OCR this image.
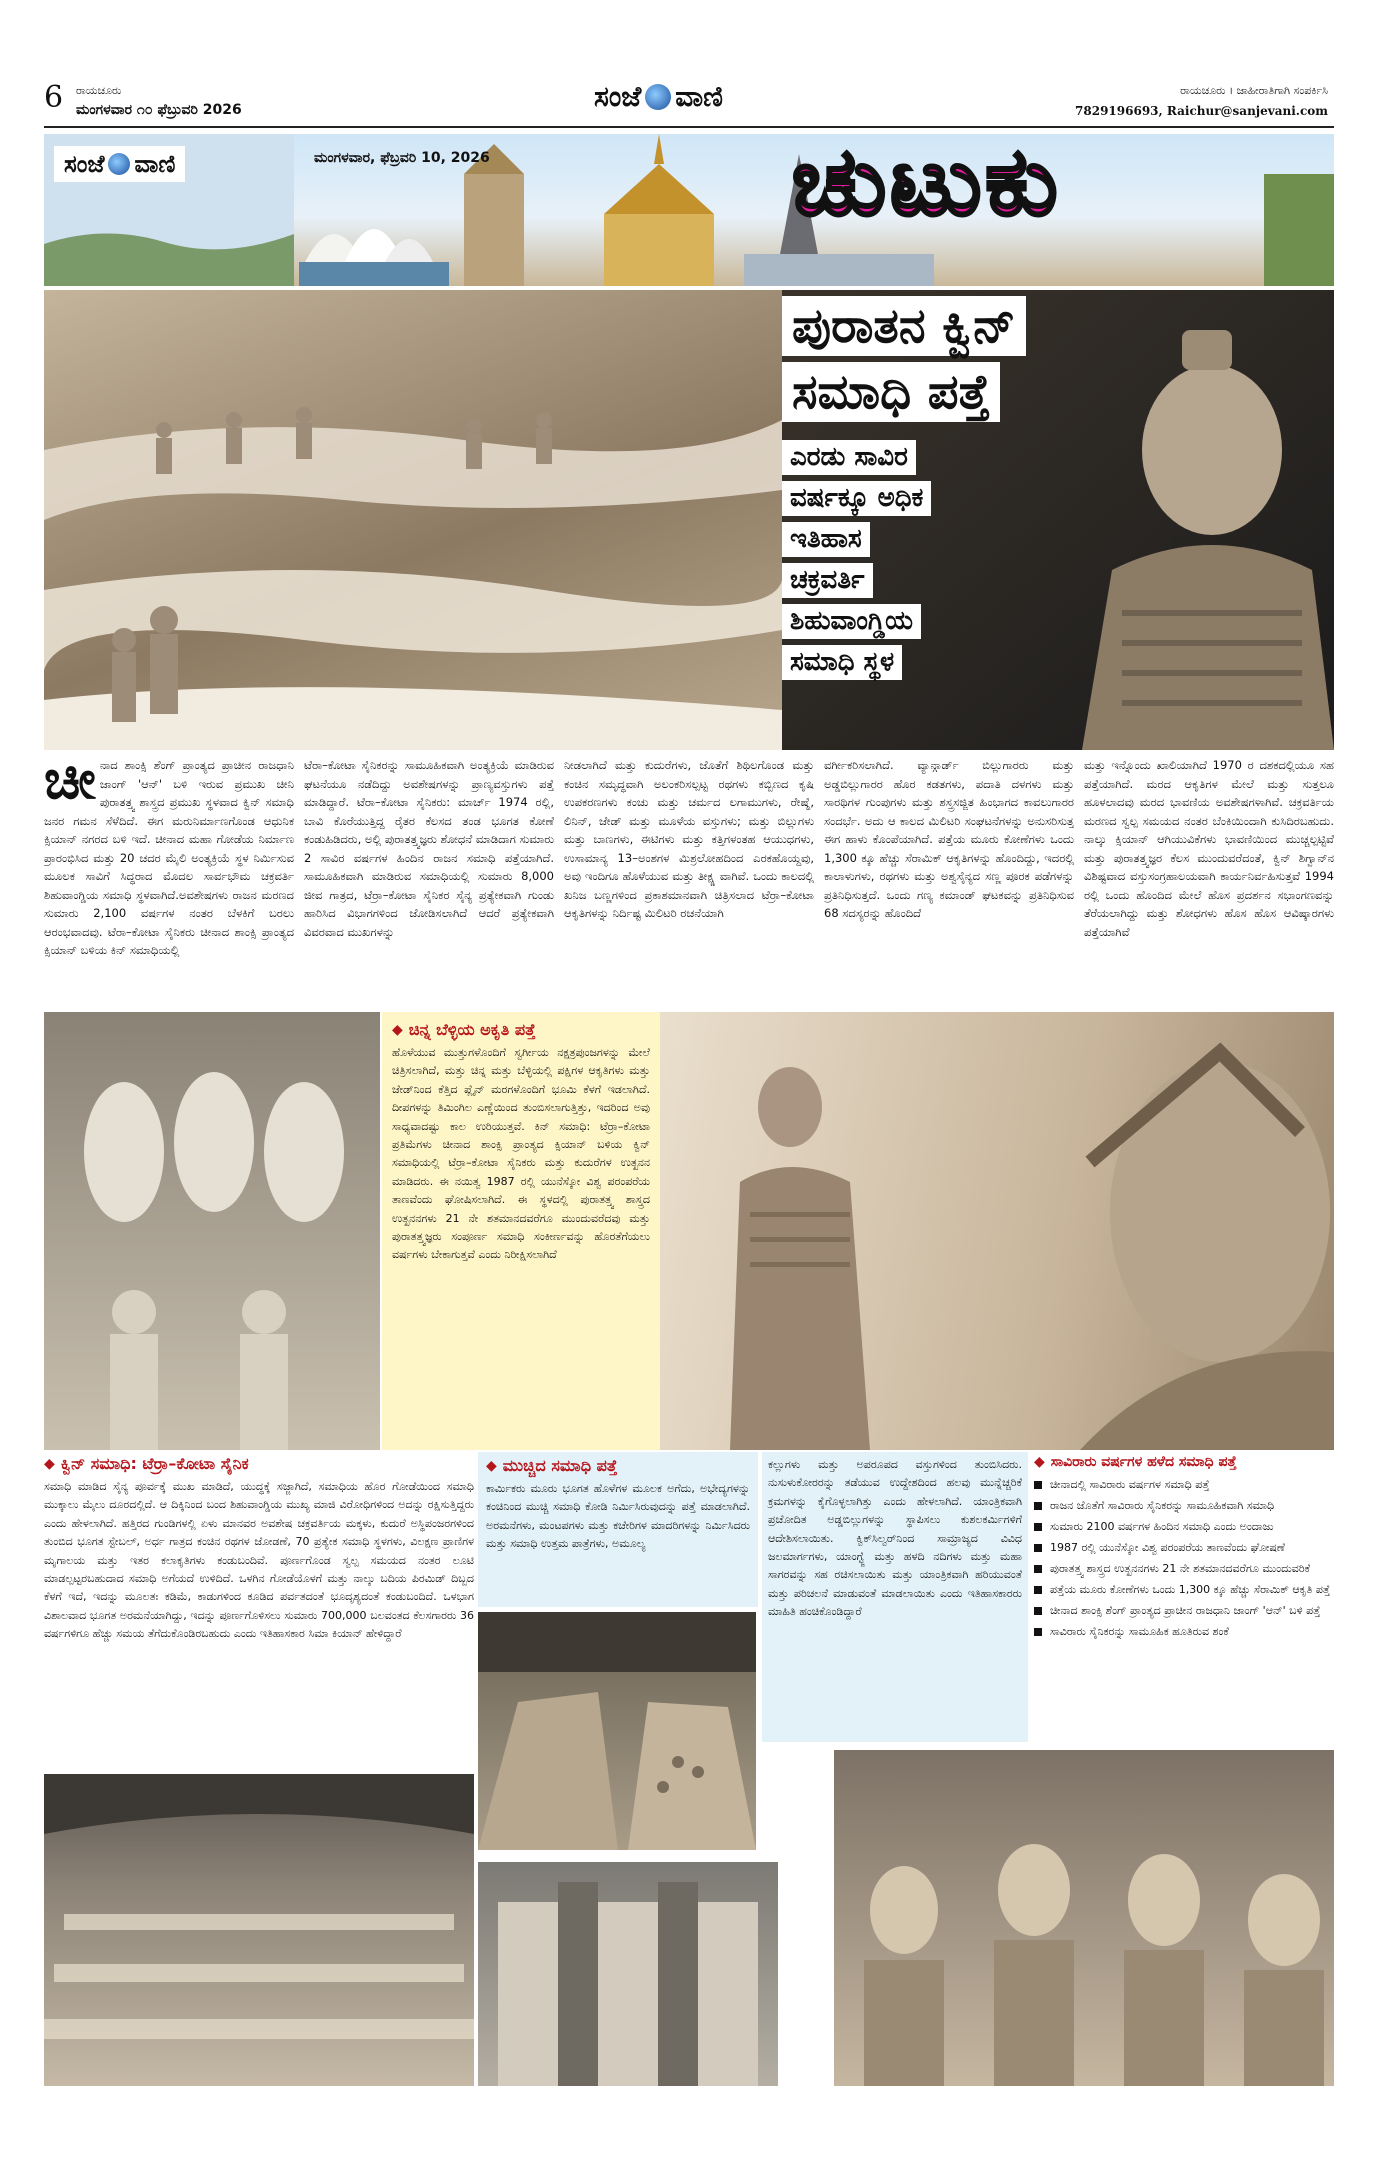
6 ರಾಯಚೂರು
ಮಂಗಳವಾರ ೧೦ ಫೆಬ್ರುವರಿ 2026	ಸಂಜೆ ವಾಣಿ	ರಾಯಚೂರು । ಜಾಹೀರಾತಿಗಾಗಿ ಸಂಪರ್ಕಿಸಿ
7829196693, Raichur@sanjevani.com
ಸಂಜೆ ವಾಣಿ	ಮಂಗಳವಾರ, ಫೆಬ್ರವರಿ 10, 2026	ಚುಟುಕು
ಪುರಾತನ ಕ್ವಿನ್
ಸಮಾಧಿ ಪತ್ತೆ
ಎರಡು ಸಾವಿರ
ವರ್ಷಕ್ಕೂ ಅಧಿಕ
ಇತಿಹಾಸ
ಚಕ್ರವರ್ತಿ
ಶಿಹುವಾಂಗ್ಡಿಯ
ಸಮಾಧಿ ಸ್ಥಳ
ಚೀನಾದ ಶಾಂಕ್ಸಿ ಶೆಂಗ್ ಪ್ರಾಂತ್ಯದ ಪ್ರಾಚೀನ ರಾಜಧಾನಿ ಜಾಂಗ್ 'ಆನ್' ಬಳಿ ಇರುವ ಪ್ರಮುಖ ಚೀನಿ ಪುರಾತತ್ತ್ವ ಶಾಸ್ತ್ರದ ಪ್ರಮುಖ ಸ್ಥಳವಾದ ಕ್ವಿನ್ ಸಮಾಧಿ ಜನರ ಗಮನ ಸೆಳೆದಿದೆ. ಈಗ ಮರುನಿರ್ಮಾಣಗೊಂಡ ಆಧುನಿಕ ಕ್ಸಿಯಾನ್ ನಗರದ ಬಳಿ ಇದೆ. ಚೀನಾದ ಮಹಾ ಗೋಡೆಯ ನಿರ್ಮಾಣ ಪ್ರಾರಂಭಿಸಿದ ಮತ್ತು 20 ಚದರ ಮೈಲಿ ಅಂತ್ಯಕ್ರಿಯೆ ಸ್ಥಳ ನಿರ್ಮಿಸುವ ಮೂಲಕ ಸಾವಿಗೆ ಸಿದ್ಧರಾದ ಮೊದಲ ಸಾರ್ವಭೌಮ ಚಕ್ರವರ್ತಿ ಶಿಹುವಾಂಗ್ಡಿಯ ಸಮಾಧಿ ಸ್ಥಳವಾಗಿದೆ.ಅವಶೇಷಗಳು ರಾಜನ ಮರಣದ ಸುಮಾರು 2,100 ವರ್ಷಗಳ ನಂತರ ಬೆಳಕಿಗೆ ಬರಲು ಆರಂಭವಾದವು. ಟೆರಾ–ಕೋಟಾ ಸೈನಿಕರು ಚೀನಾದ ಶಾಂಕ್ಸಿ ಪ್ರಾಂತ್ಯದ ಕ್ಸಿಯಾನ್ ಬಳಿಯ ಕಿನ್ ಸಮಾಧಿಯಲ್ಲಿ
ಟೆರಾ–ಕೋಟಾ ಸೈನಿಕರನ್ನು ಸಾಮೂಹಿಕವಾಗಿ ಅಂತ್ಯಕ್ರಿಯೆ ಮಾಡಿರುವ ಘಟನೆಯೂ ನಡೆದಿದ್ದು ಅವಶೇಷಗಳನ್ನು ಪ್ರಾಣ್ಯವಸ್ತುಗಳು ಪತ್ತೆ ಮಾಡಿದ್ದಾರೆ. ಟೆರಾ–ಕೋಟಾ ಸೈನಿಕರು: ಮಾರ್ಚ್ 1974 ರಲ್ಲಿ, ಬಾವಿ ಕೊರೆಯುತ್ತಿದ್ದ ರೈತರ ಕೆಲಸದ ತಂಡ ಭೂಗತ ಕೋಣೆ ಕಂಡುಹಿಡಿದರು, ಅಲ್ಲಿ ಪುರಾತತ್ತ್ವಜ್ಞರು ಶೋಧನೆ ಮಾಡಿದಾಗ ಸುಮಾರು 2 ಸಾವಿರ ವರ್ಷಗಳ ಹಿಂದಿನ ರಾಜನ ಸಮಾಧಿ ಪತ್ತೆಯಾಗಿದೆ. ಸಾಮೂಹಿಕವಾಗಿ ಮಾಡಿರುವ ಸಮಾಧಿಯಲ್ಲಿ ಸುಮಾರು 8,000 ಜೀವ ಗಾತ್ರದ, ಟೆರ್ರಾ–ಕೋಟಾ ಸೈನಿಕರ ಸೈನ್ಯ ಪ್ರತ್ಯೇಕವಾಗಿ ಗುಂಡು ಹಾರಿಸಿದ ವಿಭಾಗಗಳಿಂದ ಜೋಡಿಸಲಾಗಿದೆ ಆದರೆ ಪ್ರತ್ಯೇಕವಾಗಿ ವಿವರವಾದ ಮುಖಗಳನ್ನು
ನೀಡಲಾಗಿದೆ ಮತ್ತು ಕುದುರೆಗಳು, ಜೊತೆಗೆ ಶಿಥಿಲಗೊಂಡ ಮತ್ತು ಕಂಚಿನ ಸಮೃದ್ಧವಾಗಿ ಅಲಂಕರಿಸಲ್ಪಟ್ಟ ರಥಗಳು ಕಬ್ಬಿಣದ ಕೃಷಿ ಉಪಕರಣಗಳು ಕಂಚು ಮತ್ತು ಚರ್ಮದ ಲಗಾಮುಗಳು, ರೇಷ್ಮೆ, ಲಿನಿನ್, ಜೇಡ್ ಮತ್ತು ಮೂಳೆಯ ವಸ್ತುಗಳು; ಮತ್ತು ಬಿಲ್ಲುಗಳು ಮತ್ತು ಬಾಣಗಳು, ಈಟಿಗಳು ಮತ್ತು ಕತ್ತಿಗಳಂತಹ ಆಯುಧಗಳು, ಉಸಾಮಾನ್ಯ 13–ಅಂಶಗಳ ಮಿಶ್ರಲೋಹದಿಂದ ಎರಕಹೊಯ್ದವು, ಅವು ಇಂದಿಗೂ ಹೊಳೆಯುವ ಮತ್ತು ತೀಕ್ಷ್ಣ ವಾಗಿವೆ. ಒಂದು ಕಾಲದಲ್ಲಿ ಖನಿಜ ಬಣ್ಣಗಳಿಂದ ಪ್ರಕಾಶಮಾನವಾಗಿ ಚಿತ್ರಿಸಲಾದ ಟೆರ್ರಾ–ಕೋಟಾ ಆಕೃತಿಗಳನ್ನು ನಿರ್ದಿಷ್ಟ ಮಿಲಿಟರಿ ರಚನೆಯಾಗಿ
ವರ್ಗೀಕರಿಸಲಾಗಿದೆ. ವ್ಯಾನ್ಗಾರ್ಡ್ ಬಿಲ್ಲುಗಾರರು ಮತ್ತು ಅಡ್ಡಬಿಲ್ಲುಗಾರರ ಹೊರ ಕಡತಗಳು, ಪದಾತಿ ದಳಗಳು ಮತ್ತು ಸಾರಥಿಗಳ ಗುಂಪುಗಳು ಮತ್ತು ಶಸ್ತ್ರಸಜ್ಜಿತ ಹಿಂಭಾಗದ ಕಾವಲುಗಾರರ ಸಂದರ್ಭೆ. ಅದು ಆ ಕಾಲದ ಮಿಲಿಟರಿ ಸಂಘಟನೆಗಳನ್ನು ಅನುಸರಿಸುತ್ತ ಈಗ ಹಾಳು ಕೊಂಪೆಯಾಗಿದೆ. ಪತ್ತೆಯ ಮೂರು ಕೋಣೆಗಳು ಒಂದು 1,300 ಕ್ಕೂ ಹೆಚ್ಚು ಸೆರಾಮಿಕ್ ಆಕೃತಿಗಳನ್ನು ಹೊಂದಿದ್ದು, ಇದರಲ್ಲಿ ಕಾಲಾಳುಗಳು, ರಥಗಳು ಮತ್ತು ಅಶ್ವಸೈನ್ಯದ ಸಣ್ಣ ಪೂರಕ ಪಡೆಗಳನ್ನು ಪ್ರತಿನಿಧಿಸುತ್ತದೆ. ಒಂದು ಗಣ್ಯ ಕಮಾಂಡ್ ಘಟಕವನ್ನು ಪ್ರತಿನಿಧಿಸುವ 68 ಸದಸ್ಯರನ್ನು ಹೊಂದಿದೆ
ಮತ್ತು ಇನ್ನೊಂದು ಖಾಲಿಯಾಗಿದೆ 1970 ರ ದಶಕದಲ್ಲಿಯೂ ಸಹ ಪತ್ತೆಯಾಗಿದೆ. ಮರದ ಆಕೃತಿಗಳ ಮೇಲೆ ಮತ್ತು ಸುತ್ತಲೂ ಹೂಳಲಾದವು ಮರದ ಭಾವಣಿಯ ಅವಶೇಷಗಳಾಗಿವೆ. ಚಕ್ರವರ್ತಿಯ ಮರಣದ ಸ್ವಲ್ಪ ಸಮಯದ ನಂತರ ಬೆಂಕಿಯಿಂದಾಗಿ ಕುಸಿದಿರಬಹುದು. ನಾಲ್ಕು ಕ್ಸಿಯಾನ್ ಆಗಿಯುವಿಕೆಗಳು ಭಾವಣಿಯಿಂದ ಮುಚ್ಚಲ್ಪಟ್ಟಿವೆ ಮತ್ತು ಪುರಾತತ್ತ್ವಜ್ಞರ ಕೆಲಸ ಮುಂದುವರೆದಂತೆ, ಕ್ವಿನ್ ಶಿಗ್ವಾನ್‌ನ ವಿಶಿಷ್ಟವಾದ ವಸ್ತುಸಂಗ್ರಹಾಲಯವಾಗಿ ಕಾರ್ಯನಿರ್ವಹಿಸುತ್ತವೆ 1994 ರಲ್ಲಿ ಒಂದು ಹೊಂದಿದ ಮೇಲೆ ಹೊಸ ಪ್ರದರ್ಶನ ಸಭಾಂಗಣವನ್ನು ತೆರೆಯಲಾಗಿದ್ದು ಮತ್ತು ಶೋಧಗಳು ಹೊಸ ಹೊಸ ಆವಿಷ್ಕಾರಗಳು ಪತ್ತೆಯಾಗಿವೆ
◆ ಚಿನ್ನ ಬೆಳ್ಳಿಯ ಅಕೃತಿ ಪತ್ತೆ
ಹೊಳೆಯುವ ಮುತ್ತುಗಳೊಂದಿಗೆ ಸ್ವರ್ಗೀಯ ನಕ್ಷತ್ರಪುಂಜಗಳನ್ನು ಮೇಲೆ ಚಿತ್ರಿಸಲಾಗಿದೆ, ಮತ್ತು ಚಿನ್ನ ಮತ್ತು ಬೆಳ್ಳಿಯಲ್ಲಿ ಪಕ್ಷಿಗಳ ಆಕೃತಿಗಳು ಮತ್ತು ಜೇಡ್‌ನಿಂದ ಕೆತ್ತಿದ ಪ್ಲೈನ್ ಮರಗಳೊಂದಿಗೆ ಭೂಮಿ ಕೆಳಗೆ ಇಡಲಾಗಿದೆ. ದೀಪಗಳನ್ನು ತಿಮಿಂಗಿಲ ಎಣ್ಣೆಯಿಂದ ತುಂಬಿಸಲಾಗುತ್ತಿತ್ತು, ಇದರಿಂದ ಅವು ಸಾಧ್ಯವಾದಷ್ಟು ಕಾಲ ಉರಿಯುತ್ತವೆ. ಕಿನ್ ಸಮಾಧಿ: ಟೆರ್ರಾ–ಕೋಟಾ ಪ್ರತಿಮೆಗಳು ಚೀನಾದ ಶಾಂಕ್ಸಿ ಪ್ರಾಂತ್ಯದ ಕ್ಸಿಯಾನ್ ಬಳಿಯ ಕ್ವಿನ್ ಸಮಾಧಿಯಲ್ಲಿ ಟೆರ್ರಾ–ಕೋಟಾ ಸೈನಿಕರು ಮತ್ತು ಕುದುರೆಗಳ ಉತ್ಖನನ ಮಾಡಿದರು. ಈ ನಯಿತ್ವ 1987 ರಲ್ಲಿ ಯುನೆಸ್ಕೋ ವಿಶ್ವ ಪರಂಪರೆಯ ತಾಣವೆಂದು ಘೋಷಿಸಲಾಗಿದೆ. ಈ ಸ್ಥಳದಲ್ಲಿ ಪುರಾತತ್ತ್ವ ಶಾಸ್ತ್ರದ ಉತ್ಖನನಗಳು 21 ನೇ ಶತಮಾನದವರೆಗೂ ಮುಂದುವರೆದವು ಮತ್ತು ಪುರಾತತ್ತ್ವಜ್ಞರು ಸಂಪೂರ್ಣ ಸಮಾಧಿ ಸಂಕೀರ್ಣವನ್ನು ಹೊರತೆಗೆಯಲು ವರ್ಷಗಳು ಬೇಕಾಗುತ್ತವೆ ಎಂದು ನಿರೀಕ್ಷಿಸಲಾಗಿದೆ
◆ ಕ್ವಿನ್ ಸಮಾಧಿ: ಟೆರ್ರಾ–ಕೋಟಾ ಸೈನಿಕ
ಸಮಾಧಿ ಮಾಡಿದ ಸೈನ್ಯ ಪೂರ್ವಕ್ಕೆ ಮುಖ ಮಾಡಿದೆ, ಯುದ್ಧಕ್ಕೆ ಸಜ್ಜಾಗಿದೆ, ಸಮಾಧಿಯ ಹೊರ ಗೋಡೆಯಿಂದ ಸಮಾಧಿ ಮುಕ್ಕಾಲು ಮೈಲು ದೂರದಲ್ಲಿದೆ. ಆ ದಿಕ್ಕಿನಿಂದ ಬಂದ ಶಿಹುವಾಂಗ್ಡಿಯ ಮುಖ್ಯ ಮಾಜಿ ವಿರೋಧಿಗಳಿಂದ ಅದನ್ನು ರಕ್ಷಿಸುತ್ತಿದ್ದರು ಎಂದು ಹೇಳಲಾಗಿದೆ. ಹತ್ತಿರದ ಗುಂಡಿಗಳಲ್ಲಿ ಏಳು ಮಾನವರ ಅವಶೇಷ ಚಕ್ರವರ್ತಿಯ ಮಕ್ಕಳು, ಕುದುರೆ ಅಸ್ಥಿಪಂಜರಗಳಿಂದ ತುಂಬಿದ ಭೂಗತ ಸ್ಟೇಬಲ್, ಅರ್ಧ ಗಾತ್ರದ ಕಂಚಿನ ರಥಗಳ ಜೋಡಣೆ, 70 ಪ್ರತ್ಯೇಕ ಸಮಾಧಿ ಸ್ಥಳಗಳು, ವಿಲಕ್ಷಣ ಪ್ರಾಣಿಗಳ ಮೃಗಾಲಯ ಮತ್ತು ಇತರ ಕಲಾಕೃತಿಗಳು ಕಂಡುಬಂದಿವೆ. ಪೂರ್ಣಗೊಂಡ ಸ್ವಲ್ಪ ಸಮಯದ ನಂತರ ಲೂಟಿ ಮಾಡಲ್ಪಟ್ಟರಬಹುದಾದ ಸಮಾಧಿ ಅಗೆಯದೆ ಉಳಿದಿದೆ. ಒಳಗಿನ ಗೋಡೆಯೊಳಗೆ ಮತ್ತು ನಾಲ್ಕು ಬದಿಯ ಪಿರಮಿಡ್ ದಿಬ್ಬದ ಕೆಳಗೆ ಇದೆ, ಇದನ್ನು ಮೂಲತಃ ಕಡಿಮೆ, ಕಾಡುಗಳಿಂದ ಕೂಡಿದ ಪರ್ವತದಂತೆ ಭೂದೃಶ್ಯದಂತೆ ಕಂಡುಬಂದಿದೆ. ಒಳಭಾಗ ವಿಶಾಲವಾದ ಭೂಗತ ಅರಮನೆಯಾಗಿದ್ದು, ಇದನ್ನು ಪೂರ್ಣಗೊಳಿಸಲು ಸುಮಾರು 700,000 ಬಲವಂತದ ಕೆಲಸಗಾರರು 36 ವರ್ಷಗಳಿಗೂ ಹೆಚ್ಚು ಸಮಯ ತೆಗೆದುಕೊಂಡಿರಬಹುದು ಎಂದು ಇತಿಹಾಸಕಾರ ಸಿಮಾ ಕಿಯಾನ್ ಹೇಳಿದ್ದಾರೆ
◆ ಮುಚ್ಚಿದ ಸಮಾಧಿ ಪತ್ತೆ
ಕಾರ್ಮಿಕರು ಮೂರು ಭೂಗತ ಹೊಳೆಗಳ ಮೂಲಕ ಅಗೆದು, ಅಭೇದ್ಯಗಳನ್ನು ಕಂಚಿನಿಂದ ಮುಚ್ಚಿ ಸಮಾಧಿ ಕೋಡಿ ನಿರ್ಮಿಸಿರುವುದನ್ನು ಪತ್ತೆ ಮಾಡಲಾಗಿದೆ. ಅರಮನೆಗಳು, ಮಂಟಪಗಳು ಮತ್ತು ಕಚೇರಿಗಳ ಮಾದರಿಗಳನ್ನು ನಿರ್ಮಿಸಿದರು ಮತ್ತು ಸಮಾಧಿ ಉತ್ತಮ ಪಾತ್ರೆಗಳು, ಅಮೂಲ್ಯ
ಕಲ್ಲುಗಳು ಮತ್ತು ಅಪರೂಪದ ವಸ್ತುಗಳಿಂದ ತುಂಬಿಸಿದರು. ನುಸುಳುಕೋರರನ್ನು ತಡೆಯುವ ಉದ್ದೇಶದಿಂದ ಹಲವು ಮುನ್ನೆಚ್ಚರಿಕೆ ಕ್ರಮಗಳನ್ನು ಕೈಗೊಳ್ಳಲಾಗಿತ್ತು ಎಂದು ಹೇಳಲಾಗಿದೆ. ಯಾಂತ್ರಿಕವಾಗಿ ಪ್ರಚೋದಿತ ಅಡ್ಡಬಿಲ್ಲುಗಳನ್ನು ಸ್ಥಾಪಿಸಲು ಕುಶಲಕರ್ಮಿಗಳಿಗೆ ಆದೇಶಿಸಲಾಯಿತು. ಕ್ವಿಕ್‌ಸಿಲ್ವರ್‌ನಿಂದ ಸಾಮ್ರಾಜ್ಯದ ವಿವಿಧ ಜಲಮಾರ್ಗಗಳು, ಯಾಂಗ್ಟ್ಜೆ ಮತ್ತು ಹಳದಿ ನದಿಗಳು ಮತ್ತು ಮಹಾ ಸಾಗರವನ್ನು ಸಹ ರಚಿಸಲಾಯಿತು ಮತ್ತು ಯಾಂತ್ರಿಕವಾಗಿ ಹರಿಯುವಂತೆ ಮತ್ತು ಪರಿಚಲನೆ ಮಾಡುವಂತೆ ಮಾಡಲಾಯಿತು ಎಂದು ಇತಿಹಾಸಕಾರರು ಮಾಹಿತಿ ಹಂಚಿಕೊಂಡಿದ್ದಾರೆ
◆ ಸಾವಿರಾರು ವರ್ಷಗಳ ಹಳೆದ ಸಮಾಧಿ ಪತ್ತೆ
ಚೀನಾದಲ್ಲಿ ಸಾವಿರಾರು ವರ್ಷಗಳ ಸಮಾಧಿ ಪತ್ತೆ
ರಾಜನ ಜೊತೆಗೆ ಸಾವಿರಾರು ಸೈನಿಕರನ್ನು ಸಾಮೂಹಿಕವಾಗಿ ಸಮಾಧಿ
ಸುಮಾರು 2100 ವರ್ಷಗಳ ಹಿಂದಿನ ಸಮಾಧಿ ಎಂದು ಅಂದಾಜು
1987 ರಲ್ಲಿ ಯುನೆಸ್ಕೋ ವಿಶ್ವ ಪರಂಪರೆಯ ತಾಣವೆಂದು ಘೋಷಣೆ
ಪುರಾತತ್ತ್ವ ಶಾಸ್ತ್ರದ ಉತ್ಖನನಗಳು 21 ನೇ ಶತಮಾನದವರೆಗೂ ಮುಂದುವರಿಕೆ
ಪತ್ತೆಯ ಮೂರು ಕೋಣೆಗಳು ಒಂದು 1,300 ಕ್ಕೂ ಹೆಚ್ಚು ಸೆರಾಮಿಕ್ ಆಕೃತಿ ಪತ್ತೆ
ಚೀನಾದ ಶಾಂಕ್ಸಿ ಶೆಂಗ್ ಪ್ರಾಂತ್ಯದ ಪ್ರಾಚೀನ ರಾಜಧಾನಿ ಜಾಂಗ್ 'ಆನ್' ಬಳಿ ಪತ್ತೆ
ಸಾವಿರಾರು ಸೈನಿಕರನ್ನು ಸಾಮೂಹಿಕ ಹೂತಿರುವ ಶಂಕೆ
